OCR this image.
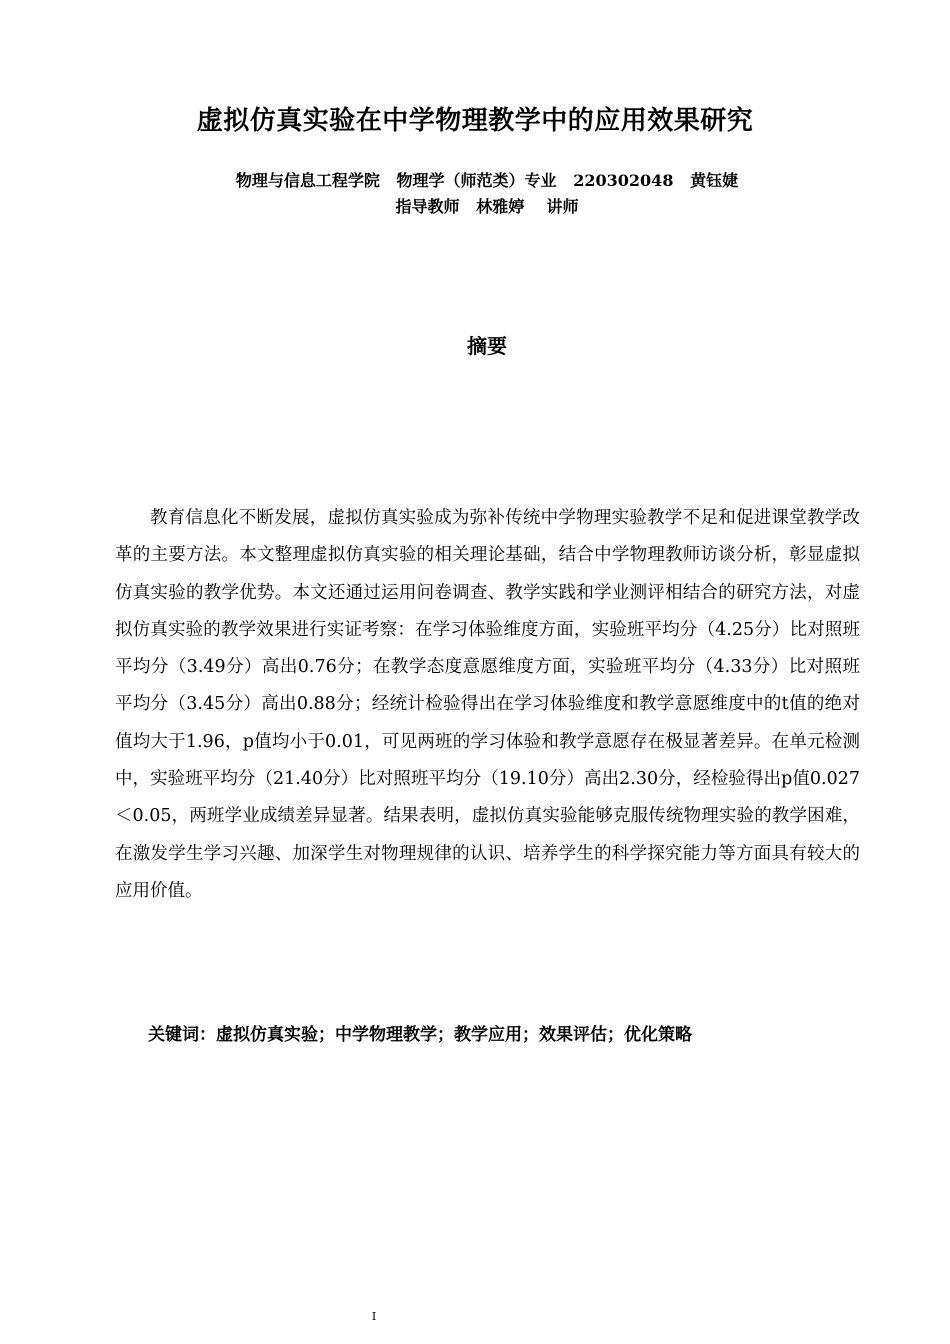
虚拟仿真实验在中学物理教学中的应用效果研究
物理与信息工程学院   物理学（师范类）专业   220302048   黄钰婕
指导教师   林雅婷    讲师
摘要

教育信息化不断发展，虚拟仿真实验成为弥补传统中学物理实验教学不足和促进课堂教学改革的主要方法。本文整理虚拟仿真实验的相关理论基础，结合中学物理教师访谈分析，彰显虚拟仿真实验的教学优势。本文还通过运用问卷调查、教学实践和学业测评相结合的研究方法，对虚拟仿真实验的教学效果进行实证考察：在学习体验维度方面，实验班平均分（4.25分）比对照班平均分（3.49分）高出0.76分；在教学态度意愿维度方面，实验班平均分（4.33分）比对照班平均分（3.45分）高出0.88分；经统计检验得出在学习体验维度和教学意愿维度中的t值的绝对值均大于1.96，p值均小于0.01，可见两班的学习体验和教学意愿存在极显著差异。在单元检测中，实验班平均分（21.40分）比对照班平均分（19.10分）高出2.30分，经检验得出p值0.027＜0.05，两班学业成绩差异显著。结果表明，虚拟仿真实验能够克服传统物理实验的教学困难，在激发学生学习兴趣、加深学生对物理规律的认识、培养学生的科学探究能力等方面具有较大的应用价值。

关键词：虚拟仿真实验；中学物理教学；教学应用；效果评估；优化策略
I
